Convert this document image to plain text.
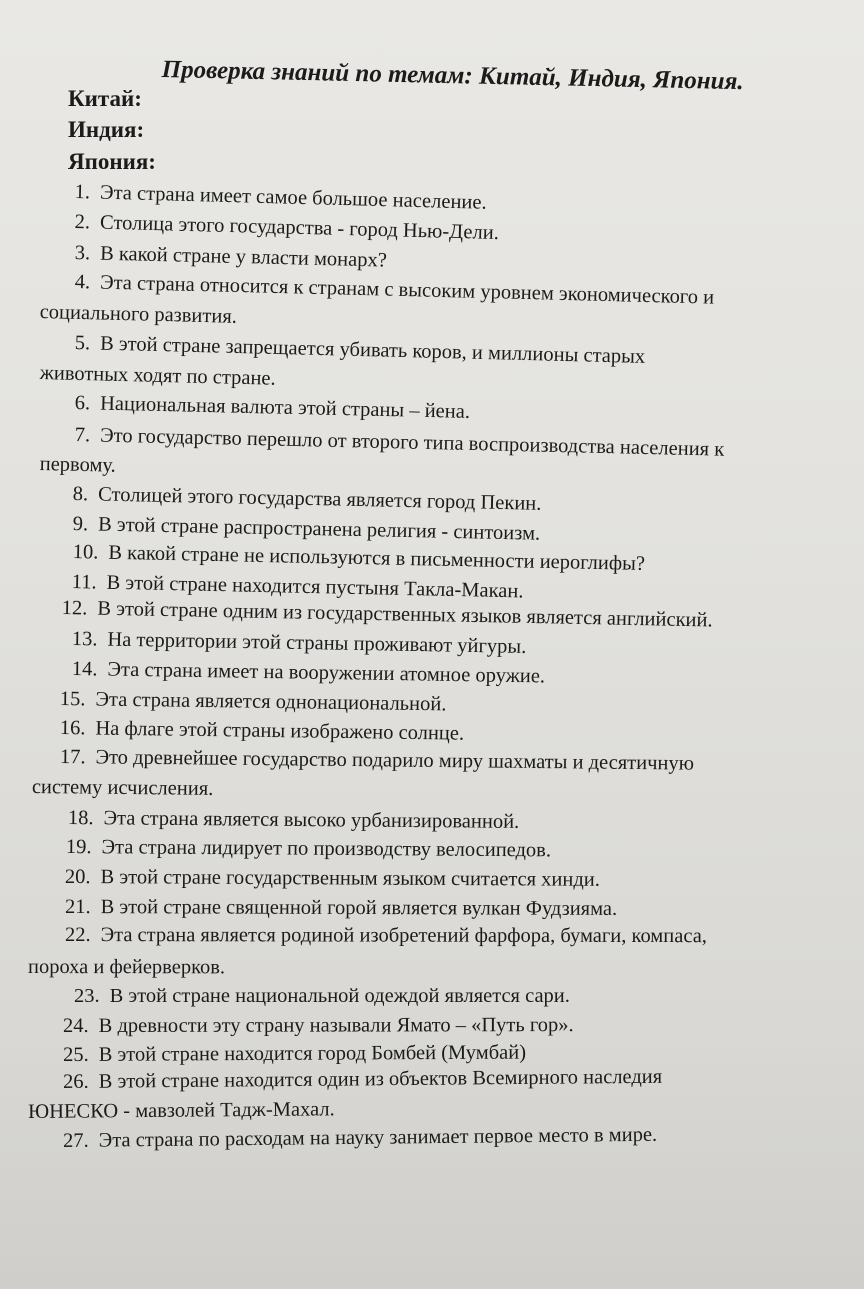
Проверка знаний по темам: Китай, Индия, Япония.
Китай:
Индия:
Япония:
1. Эта страна имеет самое большое население.
2. Столица этого государства - город Нью-Дели.
3. В какой стране у власти монарх?
4. Эта страна относится к странам с высоким уровнем экономического и
социального развития.
5. В этой стране запрещается убивать коров, и миллионы старых
животных ходят по стране.
6. Национальная валюта этой страны – йена.
7. Это государство перешло от второго типа воспроизводства населения к
первому.
8. Столицей этого государства является город Пекин.
9. В этой стране распространена религия - синтоизм.
10. В какой стране не используются в письменности иероглифы?
11. В этой стране находится пустыня Такла-Макан.
12. В этой стране одним из государственных языков является английский.
13. На территории этой страны проживают уйгуры.
14. Эта страна имеет на вооружении атомное оружие.
15. Эта страна является однонациональной.
16. На флаге этой страны изображено солнце.
17. Это древнейшее государство подарило миру шахматы и десятичную
систему исчисления.
18. Эта страна является высоко урбанизированной.
19. Эта страна лидирует по производству велосипедов.
20. В этой стране государственным языком считается хинди.
21. В этой стране священной горой является вулкан Фудзияма.
22. Эта страна является родиной изобретений фарфора, бумаги, компаса,
пороха и фейерверков.
23. В этой стране национальной одеждой является сари.
24. В древности эту страну называли Ямато – «Путь гор».
25. В этой стране находится город Бомбей (Мумбай)
26. В этой стране находится один из объектов Всемирного наследия
ЮНЕСКО - мавзолей Тадж-Махал.
27. Эта страна по расходам на науку занимает первое место в мире.
